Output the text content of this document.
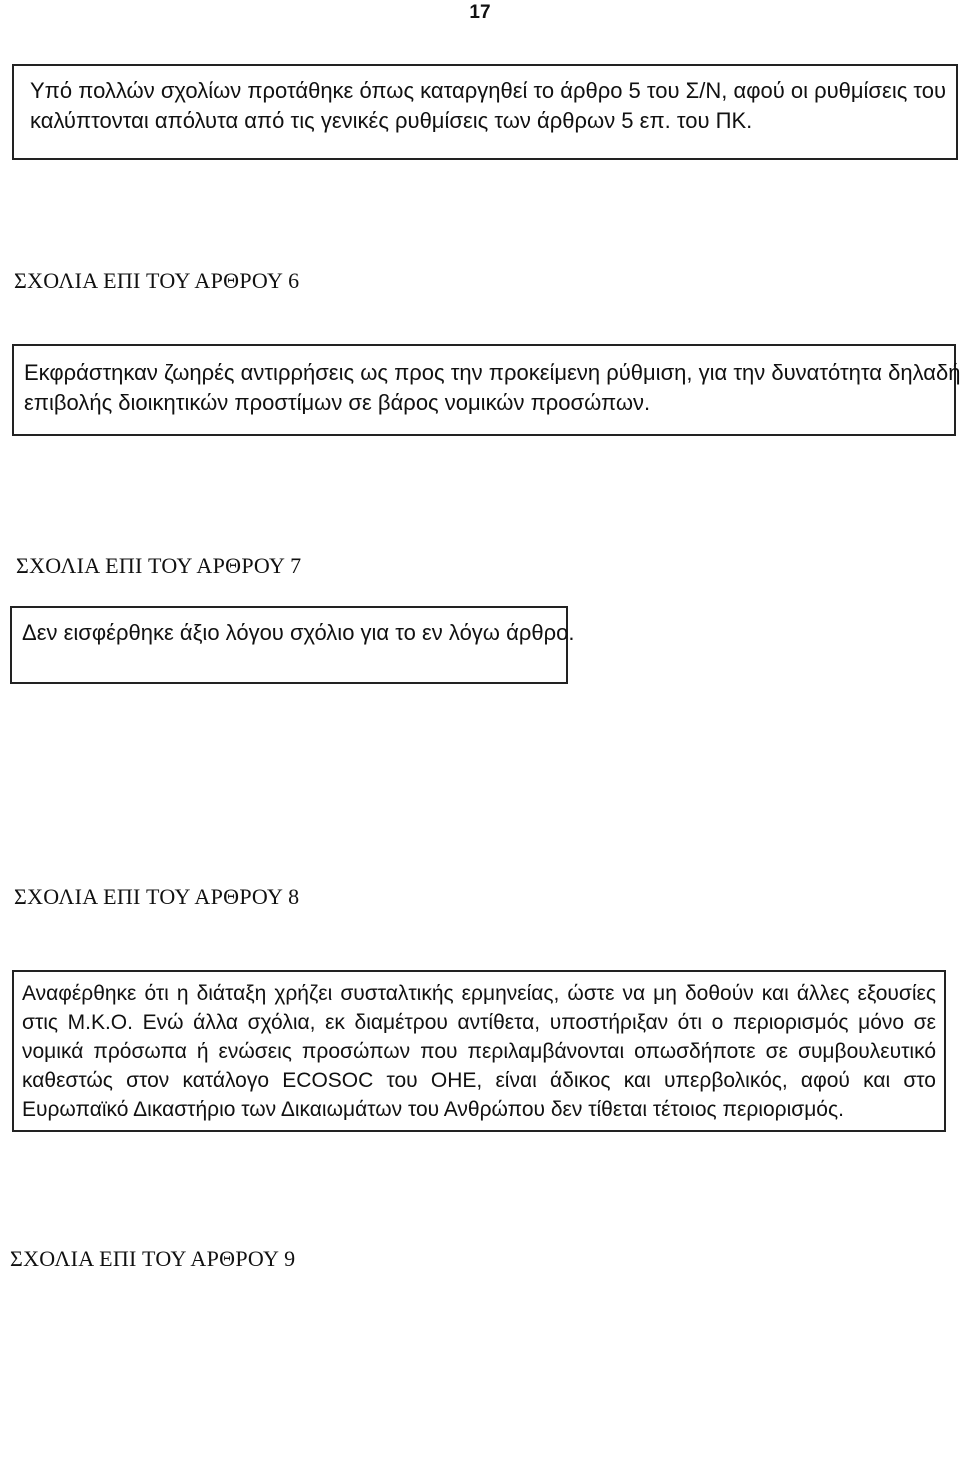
17
Υπό πολλών σχολίων προτάθηκε όπως καταργηθεί το άρθρο 5 του Σ/Ν, αφού οι ρυθμίσεις του
καλύπτονται απόλυτα από τις γενικές ρυθμίσεις των άρθρων 5 επ. του ΠΚ.
ΣΧΟΛΙΑ ΕΠΙ ΤΟΥ ΑΡΘΡΟΥ 6
Εκφράστηκαν ζωηρές αντιρρήσεις ως προς την προκείμενη ρύθμιση, για την δυνατότητα δηλαδή
επιβολής διοικητικών προστίμων σε βάρος νομικών προσώπων.
ΣΧΟΛΙΑ ΕΠΙ ΤΟΥ ΑΡΘΡΟΥ 7
Δεν εισφέρθηκε άξιο λόγου σχόλιο για το εν λόγω άρθρο.
ΣΧΟΛΙΑ ΕΠΙ ΤΟΥ ΑΡΘΡΟΥ 8
Αναφέρθηκε ότι η διάταξη χρήζει συσταλτικής ερμηνείας, ώστε να μη δοθούν και άλλες εξουσίες
στις Μ.Κ.Ο. Ενώ άλλα σχόλια, εκ διαμέτρου αντίθετα, υποστήριξαν ότι ο περιορισμός μόνο σε
νομικά πρόσωπα ή ενώσεις προσώπων που περιλαμβάνονται οπωσδήποτε σε συμβουλευτικό
καθεστώς στον κατάλογο ECOSOC του ΟΗΕ, είναι άδικος και υπερβολικός, αφού και στο
Ευρωπαϊκό Δικαστήριο των Δικαιωμάτων του Ανθρώπου δεν τίθεται τέτοιος περιορισμός.
ΣΧΟΛΙΑ ΕΠΙ ΤΟΥ ΑΡΘΡΟΥ 9
